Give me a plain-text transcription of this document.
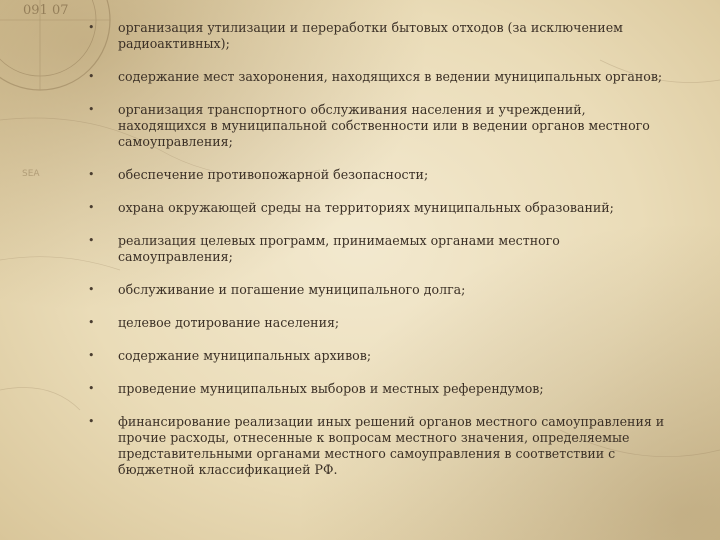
091 07
SEA
• организация утилизации и переработки бытовых отходов (за исключением радиоактивных);
• содержание мест захоронения, находящихся в ведении муниципальных органов;
• организация транспортного обслуживания населения и учреждений, находящихся в муниципальной собственности или в ведении органов местного самоуправления;
• обеспечение противопожарной безопасности;
• охрана окружающей среды на территориях муниципальных образований;
• реализация целевых программ, принимаемых органами местного самоуправления;
• обслуживание и погашение муниципального долга;
• целевое дотирование населения;
• содержание муниципальных архивов;
• проведение муниципальных выборов и местных референдумов;
• финансирование реализации иных решений органов местного самоуправления и прочие расходы, отнесенные к вопросам местного значения, определяемые представительными органами местного самоуправления в соответствии с бюджетной классификацией РФ.
